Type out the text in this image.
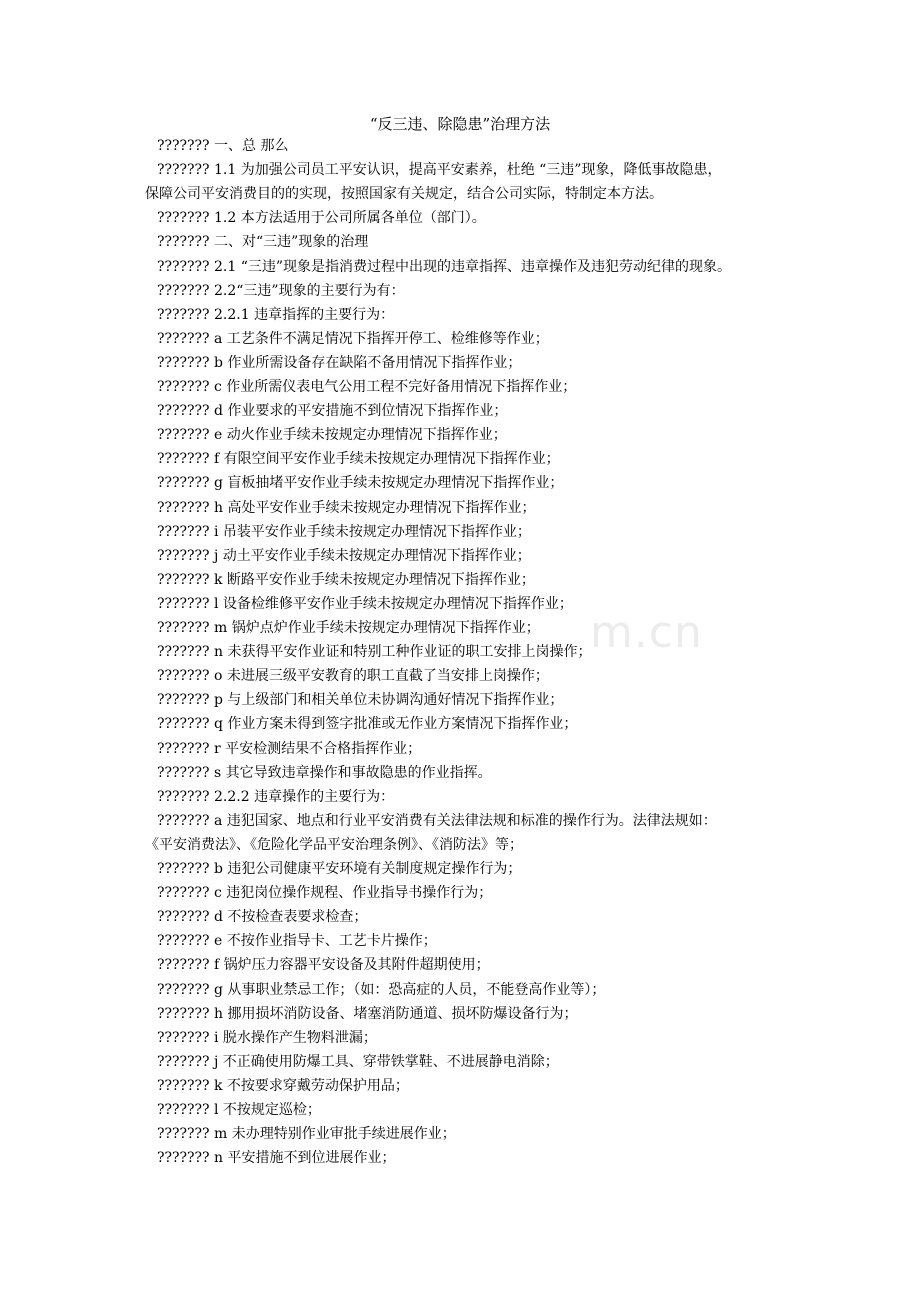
“反三违、除隐患”治理方法
??????? 一、总 那么
??????? 1.1 为加强公司员工平安认识，提高平安素养，杜绝 “三违”现象，降低事故隐患，
保障公司平安消费目的的实现，按照国家有关规定，结合公司实际，特制定本方法。
??????? 1.2 本方法适用于公司所属各单位（部门）。
??????? 二、对“三违”现象的治理
??????? 2.1 “三违”现象是指消费过程中出现的违章指挥、违章操作及违犯劳动纪律的现象。
??????? 2.2“三违”现象的主要行为有：
??????? 2.2.1 违章指挥的主要行为：
??????? a 工艺条件不满足情况下指挥开停工、检维修等作业；
??????? b 作业所需设备存在缺陷不备用情况下指挥作业；
??????? c 作业所需仪表电气公用工程不完好备用情况下指挥作业；
??????? d 作业要求的平安措施不到位情况下指挥作业；
??????? e 动火作业手续未按规定办理情况下指挥作业；
??????? f 有限空间平安作业手续未按规定办理情况下指挥作业；
??????? g 盲板抽堵平安作业手续未按规定办理情况下指挥作业；
??????? h 高处平安作业手续未按规定办理情况下指挥作业；
??????? i 吊装平安作业手续未按规定办理情况下指挥作业；
??????? j 动土平安作业手续未按规定办理情况下指挥作业；
??????? k 断路平安作业手续未按规定办理情况下指挥作业；
??????? l 设备检维修平安作业手续未按规定办理情况下指挥作业；
??????? m 锅炉点炉作业手续未按规定办理情况下指挥作业；
??????? n 未获得平安作业证和特别工种作业证的职工安排上岗操作；
??????? o 未进展三级平安教育的职工直截了当安排上岗操作；
??????? p 与上级部门和相关单位未协调沟通好情况下指挥作业；
??????? q 作业方案未得到签字批准或无作业方案情况下指挥作业；
??????? r 平安检测结果不合格指挥作业；
??????? s 其它导致违章操作和事故隐患的作业指挥。
??????? 2.2.2 违章操作的主要行为：
??????? a 违犯国家、地点和行业平安消费有关法律法规和标准的操作行为。法律法规如：
《平安消费法》、《危险化学品平安治理条例》、《消防法》等；
??????? b 违犯公司健康平安环境有关制度规定操作行为；
??????? c 违犯岗位操作规程、作业指导书操作行为；
??????? d 不按检查表要求检查；
??????? e 不按作业指导卡、工艺卡片操作；
??????? f 锅炉压力容器平安设备及其附件超期使用；
??????? g 从事职业禁忌工作；（如：恐高症的人员，不能登高作业等）；
??????? h 挪用损坏消防设备、堵塞消防通道、损坏防爆设备行为；
??????? i 脱水操作产生物料泄漏；
??????? j 不正确使用防爆工具、穿带铁掌鞋、不进展静电消除；
??????? k 不按要求穿戴劳动保护用品；
??????? l 不按规定巡检；
??????? m 未办理特别作业审批手续进展作业；
??????? n 平安措施不到位进展作业；
m.cn
